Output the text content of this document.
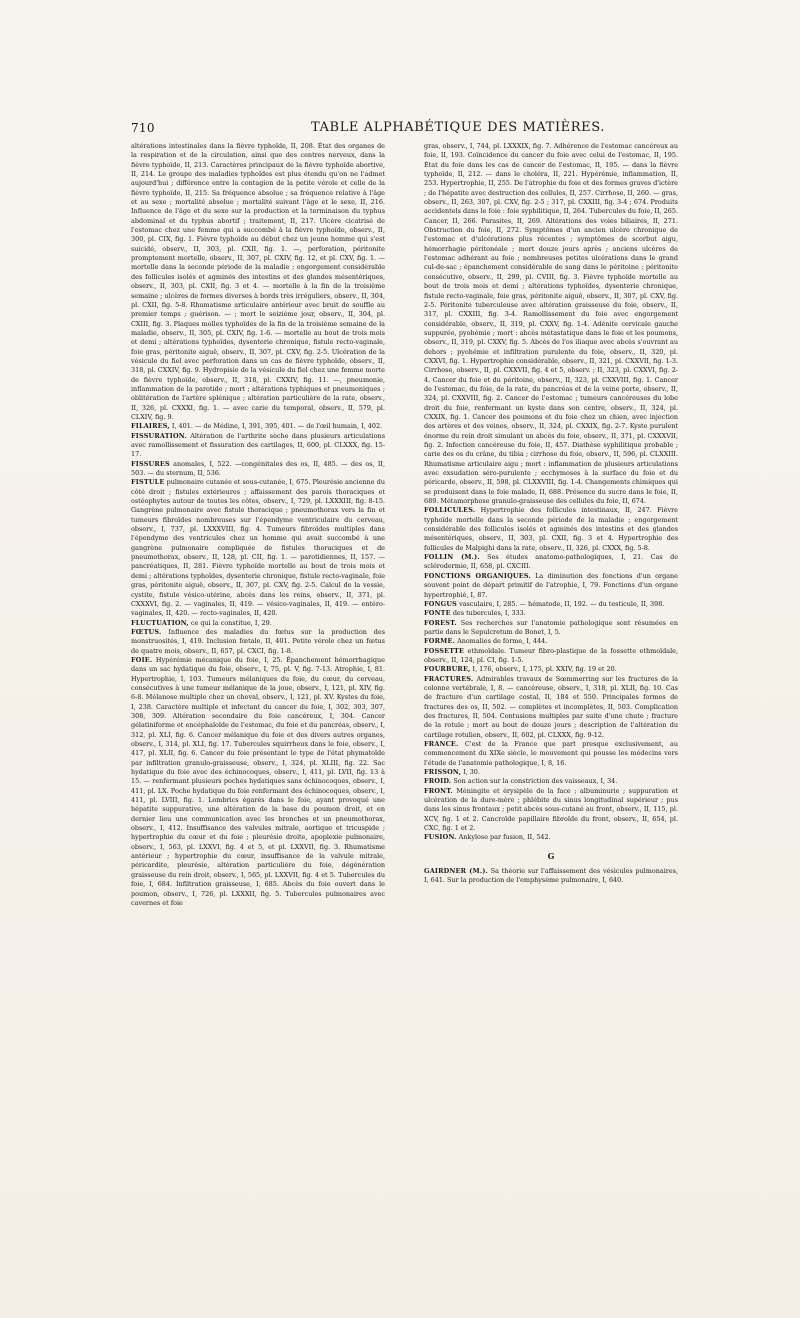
710	TABLE ALPHABÉTIQUE DES MATIÈRES.

altérations intestinales dans la fièvre typhoïde, II, 208. État des organes de la respiration et de la circulation, ainsi que des centres nerveux, dans la fièvre typhoïde, II, 213. Caractères principaux de la fièvre typhoïde abortive, II, 214. Le groupe des maladies typhoïdes est plus étendu qu'on ne l'admet aujourd'hui ; différence entre la contagion de la petite vérole et celle de la fièvre typhoïde, II, 215. Sa fréquence absolue ; sa fréquence relative à l'âge et au sexe ; mortalité absolue ; mortalité suivant l'âge et le sexe, II, 216. Influence de l'âge et du sexe sur la production et la terminaison du typhus abdominal et du typhus abortif ; traitement, II, 217. Ulcère cicatrisé de l'estomac chez une femme qui a succombé à la fièvre typhoïde, observ., II, 300, pl. CIX, fig. 1. Fièvre typhoïde au début chez un jeune homme qui s'est suicidé, observ., II, 303, pl. CXII, fig. 1. —, perforation, péritonite promptement mortelle, observ., II, 307, pl. CXIV, fig. 12, et pl. CXV, fig. 1. — mortelle dans la seconde période de la maladie ; engorgement considérable des follicules isolés et agminés des intestins et des glandes mésentériques, observ., II, 303, pl. CXII, fig. 3 et 4. — mortelle à la fin de la troisième semaine ; ulcères de formes diverses à bords très irréguliers, observ., II, 304, pl. CXII, fig. 5-8. Rhumatisme articulaire antérieur avec bruit de souffle au premier temps ; guérison. — ; mort le seizième jour, observ., II, 304, pl. CXIII, fig. 3. Plaques molles typhoïdes de la fin de la troisième semaine de la maladie, observ., II, 305, pl. CXIV, fig. 1-6. — mortelle au bout de trois mois et demi ; altérations typhoïdes, dysenterie chronique, fistule recto-vaginale, foie gras, péritonite aiguë, observ., II, 307, pl. CXV, fig. 2-5. Ulcération de la vésicule du fiel avec perforation dans un cas de fièvre typhoïde, observ., II, 318, pl. CXXIV, fig. 9. Hydropisie de la vésicule du fiel chez une femme morte de fièvre typhoïde, observ., II, 318, pl. CXXIV, fig. 11. —, pneumonie, inflammation de la parotide ; mort ; altérations typhiques et pneumoniques ; oblitération de l'artère splénique ; altération particulière de la rate, observ., II, 326, pl. CXXXI, fig. 1. — avec carie du temporal, observ., II, 579, pl. CLXIV, fig. 9.

FILAIRES, I, 401. — de Médine, I, 391, 395, 401. — de l'œil humain, I, 402.

FISSURATION. Altération de l'arthrite sèche dans plusieurs articulations avec ramollissement et fissuration des cartilages, II, 600, pl. CLXXX, fig. 15-17.

FISSURES anomales, I, 522. —congénitales des os, II, 485. — des os, II, 503. — du sternum, II, 536.

FISTULE pulmonaire cutanée et sous-cutanée, I, 675. Pleurésie ancienne du côté droit ; fistules extérieures ; affaissement des parois thoraciques et ostéophytes autour de toutes les côtes, observ., I, 729, pl. LXXXIII, fig. 8-15. Gangrène pulmonaire avec fistule thoracique ; pneumothorax vers la fin et tumeurs fibroïdes nombreuses sur l'épendyme ventriculaire du cerveau, observ., I, 737, pl. LXXXVIII, fig. 4. Tumeurs fibroïdes multiples dans l'épendyme des ventricules chez un homme qui avait succombé à une gangrène pulmonaire compliquée de fistules thoraciques et de pneumothorax, observ., II, 128, pl. CII, fig. 1. — parotidiennes, II, 157. — pancréatiques, II, 281. Fièvre typhoïde mortelle au bout de trois mois et demi ; altérations typhoïdes, dysenterie chronique, fistule recto-vaginale, foie gras, péritonite aiguë, observ., II, 307, pl. CXV, fig. 2-5. Calcul de la vessie, cystite, fistule vésico-utérine, abcès dans les reins, observ., II, 371, pl. CXXXVI, fig. 2. — vaginales, II, 419. — vésico-vaginales, II, 419. — entéro-vaginales, II, 420. — recto-vaginales, II, 420.

FLUCTUATION, ce qui la constitue, I, 29.

FŒTUS. Influence des maladies du fœtus sur la production des monstruosités, I, 419. Inclusion fœtale, II, 401. Petite vérole chez un fœtus de quatre mois, observ., II, 657, pl. CXCI, fig. 1-8.

FOIE. Hypérémie mécanique du foie, I, 25. Épanchement hémorrhagique dans un sac hydatique du foie, observ., I, 75, pl. V, fig. 7-13. Atrophie, I, 81. Hypertrophie, I, 103. Tumeurs mélaniques du foie, du cœur, du cerveau, consécutives à une tumeur mélanique de la joue, observ., I, 121, pl. XIV, fig. 6-8. Mélanose multiple chez un cheval, observ., I, 121, pl. XV. Kystes du foie, I, 238. Caractère multiple et infectant du cancer du foie, I, 302, 303, 307, 308, 309. Altération secondaire du foie cancéreux, I, 304. Cancer gélatiniforme et encéphaloïde de l'estomac, du foie et du pancréas, observ., I, 312, pl. XLI, fig. 6. Cancer mélanique du foie et des divers autres organes, observ., I, 314, pl. XLI, fig. 17. Tubercules squirrheux dans le foie, observ., I, 417, pl. XLII, fig. 6. Cancer du foie présentant le type de l'état phymatoïde par infiltration granulo-graisseuse, observ., I, 324, pl. XLIII, fig. 22. Sac hydatique du foie avec des échinocoques, observ., I, 411, pl. LVII, fig. 13 à 15. — renfermant plusieurs poches hydatiques sans échinocoques, observ., I, 411, pl. LX. Poche hydatique du foie renfermant des échinocoques, observ., I, 411, pl. LVIII, fig. 1. Lombrics égarés dans le foie, ayant provoqué une hépatite suppurative, une altération de la base du poumon droit, et en dernier lieu une communication avec les bronches et un pneumothorax, observ., I, 412. Insuffisance des valvules mitrale, aortique et tricuspide ; hypertrophie du cœur et du foie ; pleurésie droite, apoplexie pulmonaire, observ., I, 563, pl. LXXVI, fig. 4 et 5, et pl. LXXVII, fig. 3. Rhumatisme antérieur ; hypertrophie du cœur, insuffisance de la valvule mitrale, péricardite, pleurésie, altération particulière du foie, dégénération graisseuse du rein droit, observ., I, 565, pl. LXXVII, fig. 4 et 5. Tubercules du foie, I, 684. Infiltration graisseuse, I, 685. Abcès du foie ouvert dans le poumon, observ., I, 726, pl. LXXXII, fig. 5. Tubercules pulmonaires avec cavernes et foie

gras, observ., I, 744, pl. LXXXIX, fig. 7. Adhérence de l'estomac cancéreux au foie, II, 193. Coïncidence du cancer du foie avec celui de l'estomac, II, 195. État du foie dans les cas de cancer de l'estomac, II, 195. — dans la fièvre typhoïde, II, 212. — dans le choléra, II, 221. Hypérémie, inflammation, II, 253. Hypertrophie, II, 255. De l'atrophie du foie et des formes graves d'ictère ; de l'hépatite avec destruction des cellules, II, 257. Cirrhose, II, 260. — gras, observ., II, 263, 307, pl. CXV, fig. 2-5 ; 317, pl. CXXIII, fig. 3-4 ; 674. Produits accidentels dans le foie : foie syphilitique, II, 264. Tubercules du foie, II, 265. Cancer, II, 266. Parasites, II, 269. Altérations des voies biliaires, II, 271. Obstruction du foie, II, 272. Symptômes d'un ancien ulcère chronique de l'estomac et d'ulcérations plus récentes ; symptômes de scorbut aigu, hémorrhagie péritonéale ; mort douze jours après ; anciens ulcères de l'estomac adhérant au foie ; nombreuses petites ulcérations dans le grand cul-de-sac ; épanchement considérable de sang dans le péritoine ; péritonite consécutive, observ., II, 299, pl. CVIII, fig. 3. Fièvre typhoïde mortelle au bout de trois mois et demi ; altérations typhoïdes, dysenterie chronique, fistule recto-vaginale, foie gras, péritonite aiguë, observ., II, 307, pl. CXV, fig. 2-5. Péritonite tuberculeuse avec altération graisseuse du foie, observ., II, 317, pl. CXXIII, fig. 3-4. Ramollissement du foie avec engorgement considérable, observ., II, 319, pl. CXXV, fig. 1-4. Adénite cervicale gauche suppurée, pyohémie ; mort : abcès métastatique dans le foie et les poumons, observ., II, 319, pl. CXXV, fig. 5. Abcès de l'os iliaque avec abcès s'ouvrant au dehors ; pyohémie et infiltration purulente du foie, observ., II, 320, pl. CXXVI, fig. 1. Hypertrophie considérable, observ., II, 321, pl. CXXVII, fig. 1-3. Cirrhose, observ., II, pl. CXXVII, fig. 4 et 5, observ. ; II, 323, pl. CXXVI, fig. 2-4. Cancer du foie et du péritoine, observ., II, 323, pl. CXXVIII, fig. 1. Cancer de l'estomac, du foie, de la rate, du pancréas et de la veine porte, observ., II, 324, pl. CXXVIII, fig. 2. Cancer de l'estomac ; tumeurs cancéreuses du lobe droit du foie, renfermant un kyste dans son centre, observ., II, 324, pl. CXXIX, fig. 1. Cancer des poumons et du foie chez un chien, avec injection des artères et des veines, observ., II, 324, pl. CXXIX, fig. 2-7. Kyste purulent énorme du rein droit simulant un abcès du foie, observ., II, 371, pl. CXXXVII, fig. 2. Infection cancéreuse du foie, II, 457. Diathèse syphilitique probable ; carie des os du crâne, du tibia ; cirrhose du foie, observ., II, 596, pl. CLXXIII. Rhumatisme articulaire aigu ; mort : inflammation de plusieurs articulations avec exsudation séro-purulente ; ecchymoses à la surface du foie et du péricarde, observ., II, 598, pl. CLXXVIII, fig. 1-4. Changements chimiques qui se produisent dans le foie malade, II, 688. Présence du sucre dans le foie, II, 689. Métamorphose granulo-graisseuse des cellules du foie, II, 674.

FOLLICULES. Hypertrophie des follicules intestinaux, II, 247. Fièvre typhoïde mortelle dans la seconde période de la maladie ; engorgement considérable des follicules isolés et agminés des intestins et des glandes mésentériques, observ., II, 303, pl. CXII, fig. 3 et 4. Hypertrophie des follicules de Malpighi dans la rate, observ., II, 326, pl. CXXX, fig. 5-8.

FOLLIN (M.). Ses études anatomo-pathologiques, I, 21. Cas de sclérodermie, II, 658, pl. CXCIII.

FONCTIONS ORGANIQUES. La diminution des fonctions d'un organe souvent point de départ primitif de l'atrophie, I, 79. Fonctions d'un organe hypertrophié, I, 87.

FONGUS vasculaire, I, 285. — hématode, II, 192. — du testicule, II, 398.

FONTE des tubercules, I, 333.

FOREST. Ses recherches sur l'anatomie pathologique sont résumées en partie dans le Sepulcretum de Bonet, I, 5.

FORME. Anomalies de forme, I, 444.

FOSSETTE ethmoïdale. Tumeur fibro-plastique de la fossette ethmoïdale, observ., II, 124, pl. CI, fig. 1-5.

FOURBURE, I, 176, observ., I, 175, pl. XXIV, fig. 19 et 20.

FRACTURES. Admirables travaux de Sœmmerring sur les fractures de la colonne vertébrale, I, 8. — cancéreuse, observ., I, 318, pl. XLII, fig. 10. Cas de fracture d'un cartilage costal, II, 184 et 550. Principales formes de fractures des os, II, 502. — complètes et incomplètes, II, 503. Complication des fractures, II, 504. Contusions multiples par suite d'une chute ; fracture de la rotule ; mort au bout de douze jours ; description de l'altération du cartilage rotulien, observ., II, 602, pl. CLXXX, fig. 9-12.

FRANCE. C'est de la France que part presque exclusivement, au commencement du XIXe siècle, le mouvement qui pousse les médecins vers l'étude de l'anatomie pathologique, I, 8, 16.

FRISSON, I, 30.

FROID. Son action sur la constriction des vaisseaux, I, 34.

FRONT. Méningite et érysipèle de la face ; albuminurie ; suppuration et ulcération de la dure-mère ; phlébite du sinus longitudinal supérieur ; pus dans les sinus frontaux ; petit abcès sous-cutané au front, observ., II, 115, pl. XCV, fig. 1 et 2. Cancroïde papillaire fibroïde du front, observ., II, 654, pl. CXC, fig. 1 et 2.

FUSION. Ankylose par fusion, II, 542.

G

GAIRDNER (M.). Sa théorie sur l'affaissement des vésicules pulmonaires, I, 641. Sur la production de l'emphysème pulmonaire, I, 640.
